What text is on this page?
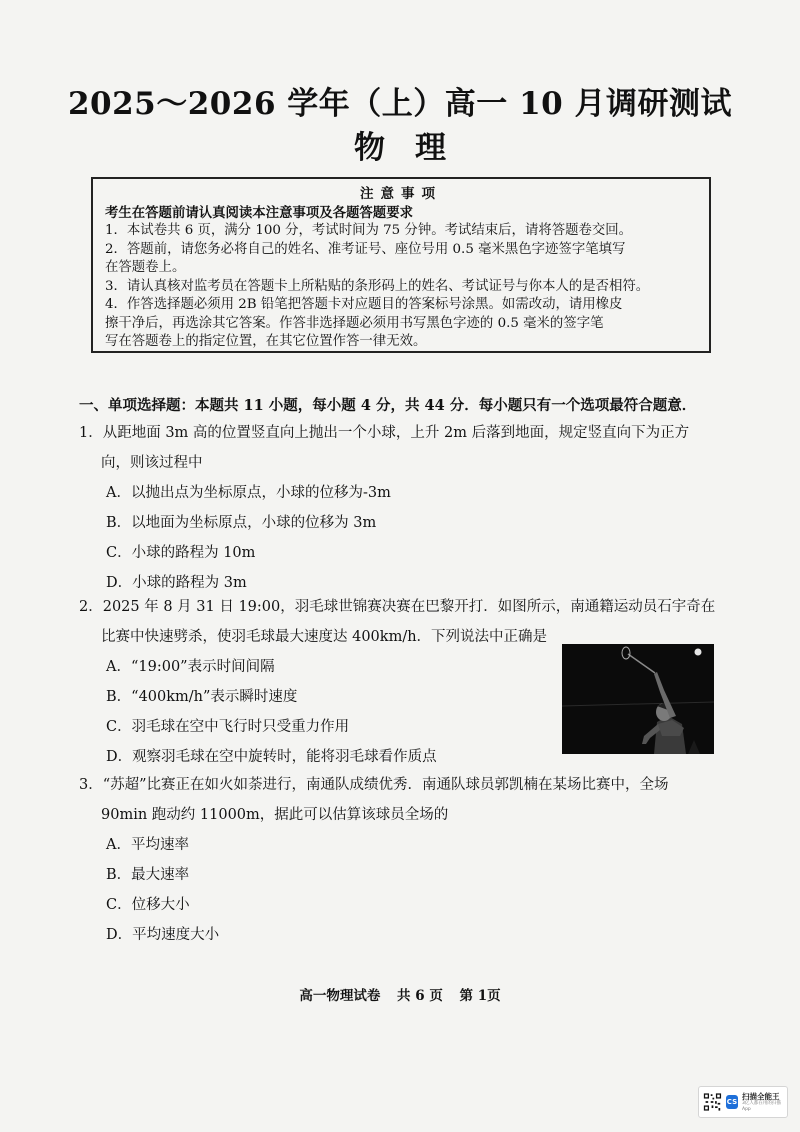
2025～2026 学年（上）高一 10 月调研测试
物理
注意事项
考生在答题前请认真阅读本注意事项及各题答题要求
1．本试卷共 6 页，满分 100 分，考试时间为 75 分钟。考试结束后，请将答题卷交回。
2．答题前，请您务必将自己的姓名、准考证号、座位号用 0.5 毫米黑色字迹签字笔填写
在答题卷上。
3．请认真核对监考员在答题卡上所粘贴的条形码上的姓名、考试证号与你本人的是否相符。
4．作答选择题必须用 2B 铅笔把答题卡对应题目的答案标号涂黑。如需改动，请用橡皮
擦干净后，再选涂其它答案。作答非选择题必须用书写黑色字迹的 0.5 毫米的签字笔
写在答题卷上的指定位置，在其它位置作答一律无效。
一、单项选择题：本题共 11 小题，每小题 4 分，共 44 分．每小题只有一个选项最符合题意．
1．从距地面 3m 高的位置竖直向上抛出一个小球，上升 2m 后落到地面，规定竖直向下为正方
向，则该过程中
A．以抛出点为坐标原点，小球的位移为-3m
B．以地面为坐标原点，小球的位移为 3m
C．小球的路程为 10m
D．小球的路程为 3m
2．2025 年 8 月 31 日 19:00，羽毛球世锦赛决赛在巴黎开打．如图所示，南通籍运动员石宇奇在
比赛中快速劈杀，使羽毛球最大速度达 400km/h．下列说法中正确是
A．“19:00”表示时间间隔
B．“400km/h”表示瞬时速度
C．羽毛球在空中飞行时只受重力作用
D．观察羽毛球在空中旋转时，能将羽毛球看作质点
3．“苏超”比赛正在如火如荼进行，南通队成绩优秀．南通队球员郭凯楠在某场比赛中，全场
90min 跑动约 11000m，据此可以估算该球员全场的
A．平均速率
B．最大速率
C．位移大小
D．平均速度大小
高一物理试卷 共 6 页 第 1页
CS
扫描全能王
3亿人都在用的扫描App
